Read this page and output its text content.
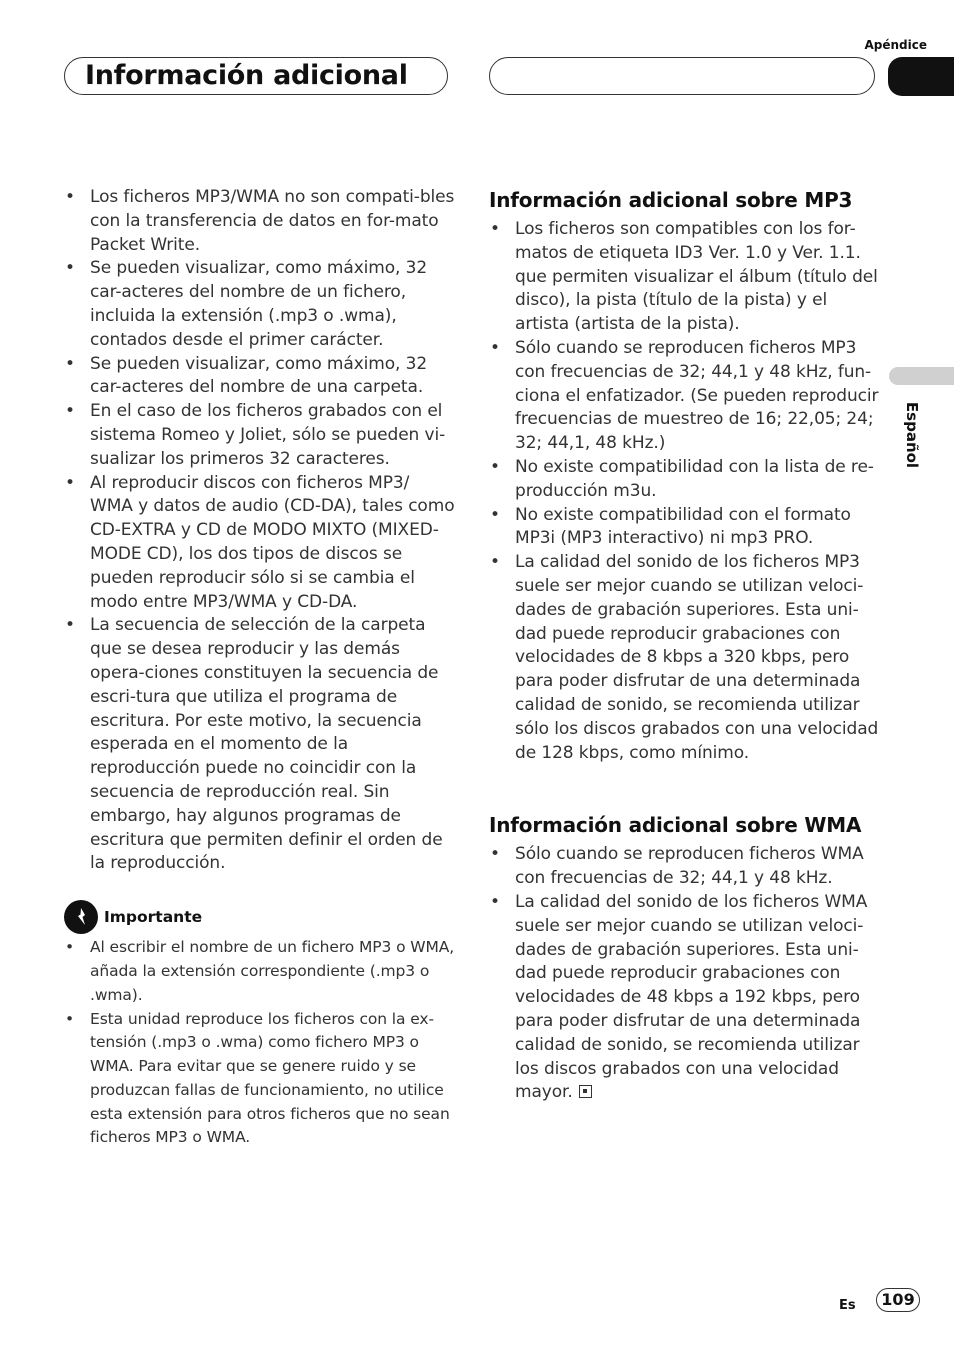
Apéndice
Información adicional
Español
• Los ficheros MP3/WMA no son compati-bles con la transferencia de datos en for-mato Packet Write.
• Se pueden visualizar, como máximo, 32 car-acteres del nombre de un fichero, incluida la extensión (.mp3 o .wma), contados desde el primer carácter.
• Se pueden visualizar, como máximo, 32 car-acteres del nombre de una carpeta.
• En el caso de los ficheros grabados con el sistema Romeo y Joliet, sólo se pueden vi-sualizar los primeros 32 caracteres.
• Al reproducir discos con ficheros MP3/ WMA y datos de audio (CD-DA), tales como CD-EXTRA y CD de MODO MIXTO (MIXED-MODE CD), los dos tipos de discos se pueden reproducir sólo si se cambia el modo entre MP3/WMA y CD-DA.
• La secuencia de selección de la carpeta que se desea reproducir y las demás opera-ciones constituyen la secuencia de escri-tura que utiliza el programa de escritura. Por este motivo, la secuencia esperada en el momento de la reproducción puede no coincidir con la secuencia de reproducción real. Sin embargo, hay algunos programas de escritura que permiten definir el orden de la reproducción.
Importante
• Al escribir el nombre de un fichero MP3 o WMA, añada la extensión correspondiente (.mp3 o .wma).
• Esta unidad reproduce los ficheros con la ex-tensión (.mp3 o .wma) como fichero MP3 o WMA. Para evitar que se genere ruido y se produzcan fallas de funcionamiento, no utilice esta extensión para otros ficheros que no sean ficheros MP3 o WMA.
Información adicional sobre MP3
• Los ficheros son compatibles con los for-matos de etiqueta ID3 Ver. 1.0 y Ver. 1.1. que permiten visualizar el álbum (título del disco), la pista (título de la pista) y el artista (artista de la pista).
• Sólo cuando se reproducen ficheros MP3 con frecuencias de 32; 44,1 y 48 kHz, fun-ciona el enfatizador. (Se pueden reproducir frecuencias de muestreo de 16; 22,05; 24; 32; 44,1, 48 kHz.)
• No existe compatibilidad con la lista de re-producción m3u.
• No existe compatibilidad con el formato MP3i (MP3 interactivo) ni mp3 PRO.
• La calidad del sonido de los ficheros MP3 suele ser mejor cuando se utilizan veloci-dades de grabación superiores. Esta uni-dad puede reproducir grabaciones con velocidades de 8 kbps a 320 kbps, pero para poder disfrutar de una determinada calidad de sonido, se recomienda utilizar sólo los discos grabados con una velocidad de 128 kbps, como mínimo.
Información adicional sobre WMA
• Sólo cuando se reproducen ficheros WMA con frecuencias de 32; 44,1 y 48 kHz.
• La calidad del sonido de los ficheros WMA suele ser mejor cuando se utilizan veloci-dades de grabación superiores. Esta uni-dad puede reproducir grabaciones con velocidades de 48 kbps a 192 kbps, pero para poder disfrutar de una determinada calidad de sonido, se recomienda utilizar los discos grabados con una velocidad mayor.
Es	109
